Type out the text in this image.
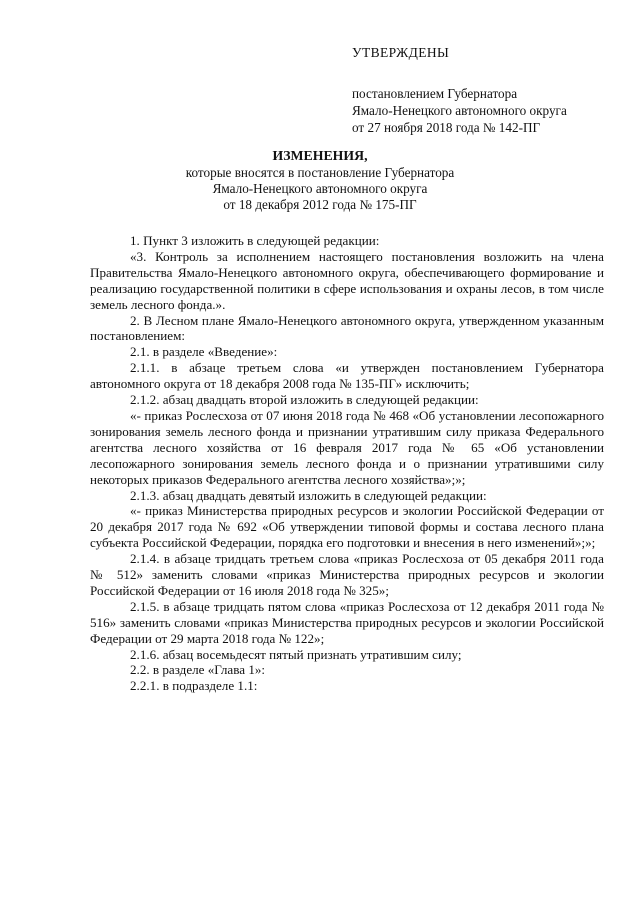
УТВЕРЖДЕНЫ
постановлением Губернатора
Ямало-Ненецкого автономного округа
от 27 ноября 2018 года № 142-ПГ
ИЗМЕНЕНИЯ,
которые вносятся в постановление Губернатора
Ямало-Ненецкого автономного округа
от 18 декабря 2012 года № 175-ПГ

1. Пункт 3 изложить в следующей редакции:

«3. Контроль за исполнением настоящего постановления возложить на члена Правительства Ямало-Ненецкого автономного округа, обеспечивающего формирование и реализацию государственной политики в сфере использования и охраны лесов, в том числе земель лесного фонда.».

2. В Лесном плане Ямало-Ненецкого автономного округа, утвержденном указанным постановлением:

2.1. в разделе «Введение»:

2.1.1. в абзаце третьем слова «и утвержден постановлением Губернатора автономного округа от 18 декабря 2008 года № 135-ПГ» исключить;

2.1.2. абзац двадцать второй изложить в следующей редакции:

«- приказ Рослесхоза от 07 июня 2018 года № 468 «Об установлении лесопожарного зонирования земель лесного фонда и признании утратившим силу приказа Федерального агентства лесного хозяйства от 16 февраля 2017 года № 65 «Об установлении лесопожарного зонирования земель лесного фонда и о признании утратившими силу некоторых приказов Федерального агентства лесного хозяйства»;»;

2.1.3. абзац двадцать девятый изложить в следующей редакции:

«- приказ Министерства природных ресурсов и экологии Российской Федерации от 20 декабря 2017 года № 692 «Об утверждении типовой формы и состава лесного плана субъекта Российской Федерации, порядка его подготовки и внесения в него изменений»;»;

2.1.4. в абзаце тридцать третьем слова «приказ Рослесхоза от 05 декабря 2011 года № 512» заменить словами «приказ Министерства природных ресурсов и экологии Российской Федерации от 16 июля 2018 года № 325»;

2.1.5. в абзаце тридцать пятом слова «приказ Рослесхоза от 12 декабря 2011 года № 516» заменить словами «приказ Министерства природных ресурсов и экологии Российской Федерации от 29 марта 2018 года № 122»;

2.1.6. абзац восемьдесят пятый признать утратившим силу;

2.2. в разделе «Глава 1»:

2.2.1. в подразделе 1.1:
